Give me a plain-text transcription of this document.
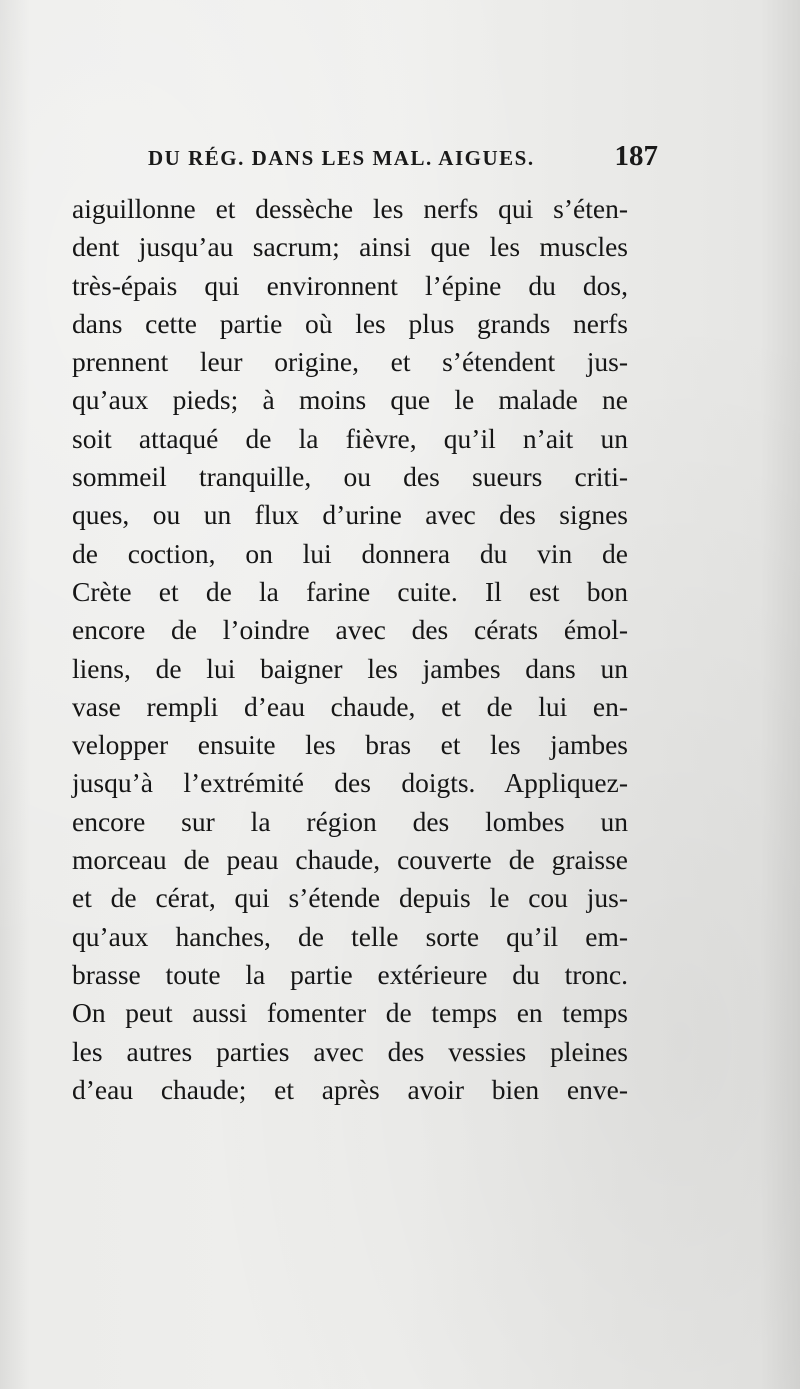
DU RÉG. DANS LES MAL. AIGUES.	187
aiguillonne et dessèche les nerfs qui s’éten-
dent jusqu’au sacrum; ainsi que les muscles
très-épais qui environnent l’épine du dos,
dans cette partie où les plus grands nerfs
prennent leur origine, et s’étendent jus-
qu’aux pieds; à moins que le malade ne
soit attaqué de la fièvre, qu’il n’ait un
sommeil tranquille, ou des sueurs criti-
ques, ou un flux d’urine avec des signes
de coction, on lui donnera du vin de
Crète et de la farine cuite. Il est bon
encore de l’oindre avec des cérats émol-
liens, de lui baigner les jambes dans un
vase rempli d’eau chaude, et de lui en-
velopper ensuite les bras et les jambes
jusqu’à l’extrémité des doigts. Appliquez-
encore sur la région des lombes un
morceau de peau chaude, couverte de graisse
et de cérat, qui s’étende depuis le cou jus-
qu’aux hanches, de telle sorte qu’il em-
brasse toute la partie extérieure du tronc.
On peut aussi fomenter de temps en temps
les autres parties avec des vessies pleines
d’eau chaude; et après avoir bien enve-
